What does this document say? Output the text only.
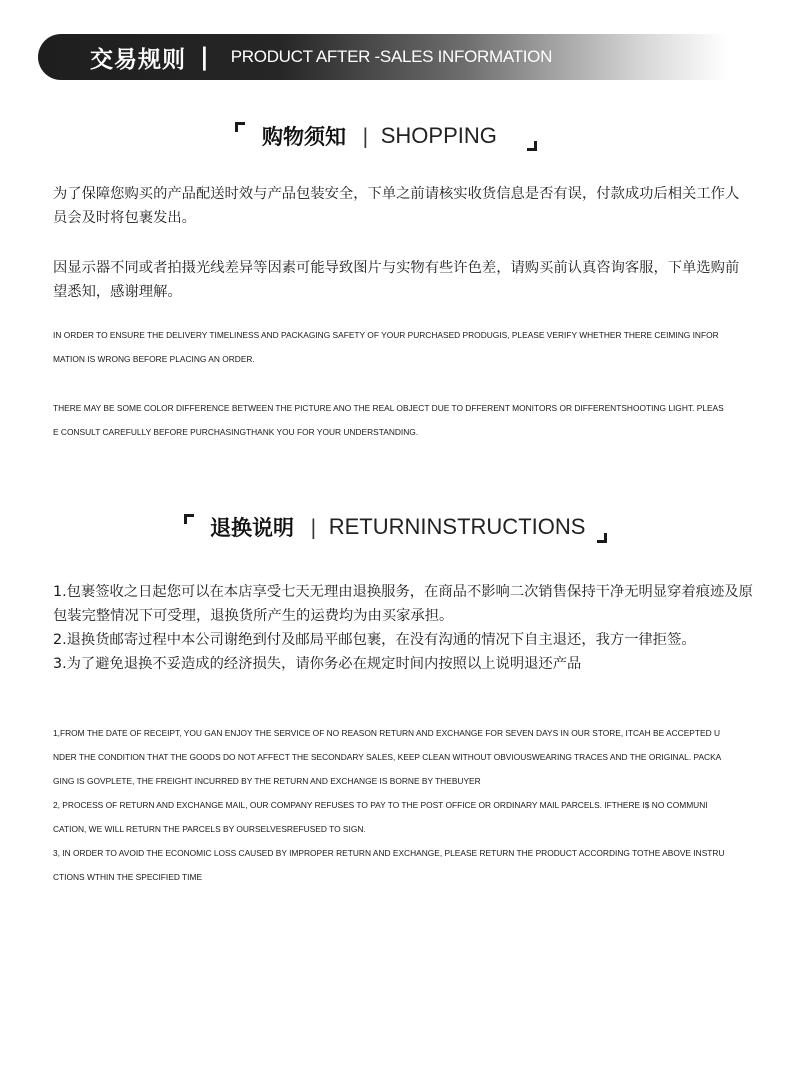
交易规则 | PRODUCT AFTER -SALES INFORMATION
购物须知 | SHOPPING

为了保障您购买的产品配送时效与产品包装安全，下单之前请核实收货信息是否有误，付款成功后相关工作人员会及时将包裹发出。

因显示器不同或者拍摄光线差异等因素可能导致图片与实物有些许色差，请购买前认真咨询客服，下单选购前望悉知，感谢理解。

IN ORDER TO ENSURE THE DELIVERY TIMELINESS AND PACKAGING SAFETY OF YOUR PURCHASED PRODUGIS, PLEASE VERIFY WHETHER THERE CEIMING INFORMATION IS WRONG BEFORE PLACING AN ORDER.

THERE MAY BE SOME COLOR DIFFERENCE BETWEEN THE PICTURE ANO THE REAL OBJECT DUE TO DFFERENT MONITORS OR DIFFERENTSHOOTING LIGHT. PLEASE CONSULT CAREFULLY BEFORE PURCHASINGTHANK YOU FOR YOUR UNDERSTANDING.

退换说明 | RETURNINSTRUCTIONS
1.包裹签收之日起您可以在本店享受七天无理由退换服务，在商品不影响二次销售保持干净无明显穿着痕迹及原包装完整情况下可受理，退换货所产生的运费均为由买家承担。
2.退换货邮寄过程中本公司谢绝到付及邮局平邮包裹，在没有沟通的情况下自主退还，我方一律拒签。
3.为了避免退换不妥造成的经济损失，请你务必在规定时间内按照以上说明退还产品
1,FROM THE DATE OF RECEIPT, YOU GAN ENJOY THE SERVICE OF NO REASON RETURN AND EXCHANGE FOR SEVEN DAYS IN OUR STORE, ITCAH BE ACCEPTED UNDER THE CONDITION THAT THE GOODS DO NOT AFFECT THE SECONDARY SALES, KEEP CLEAN WITHOUT OBVIOUSWEARING TRACES AND THE ORIGINAL. PACKAGING IS GOVPLETE, THE FREIGHT INCURRED BY THE RETURN AND EXCHANGE IS BORNE BY THEBUYER
2, PROCESS OF RETURN AND EXCHANGE MAIL, OUR COMPANY REFUSES TO PAY TO THE POST OFFICE OR ORDINARY MAIL PARCELS. IFTHERE I$ NO COMMUNI
CATION, WE WILL RETURN THE PARCELS BY OURSELVESREFUSED TO SIGN.
3, IN ORDER TO AVOID THE ECONOMIC LOSS CAUSED BY IMPROPER RETURN AND EXCHANGE, PLEASE RETURN THE PRODUCT ACCORDING TOTHE ABOVE INSTRUCTIONS WTHIN THE SPECIFIED TIME
